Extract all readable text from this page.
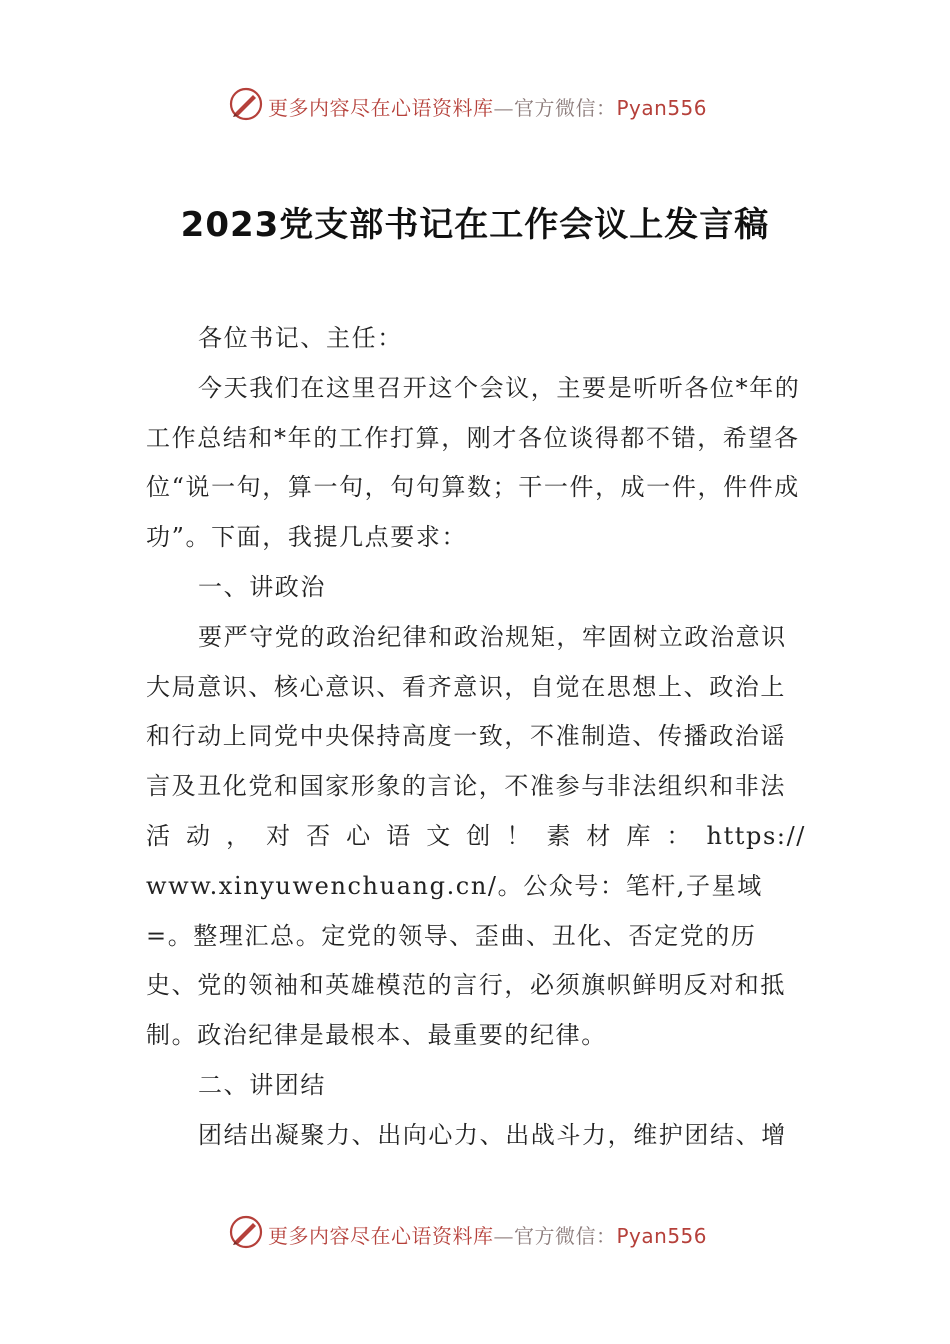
更多内容尽在心语资料库—官方微信：Pyan556
2023党支部书记在工作会议上发言稿

各位书记、主任：

今天我们在这里召开这个会议，主要是听听各位*年的工作总结和*年的工作打算，刚才各位谈得都不错，希望各位“说一句，算一句，句句算数；干一件，成一件，件件成功”。下面，我提几点要求：

一、讲政治

要严守党的政治纪律和政治规矩，牢固树立政治意识大局意识、核心意识、看齐意识，自觉在思想上、政治上和行动上同党中央保持高度一致，不准制造、传播政治谣言及丑化党和国家形象的言论，不准参与非法组织和非法

活动，对否心语文创！素材库：https://

www.xinyuwenchuang.cn/。公众号：笔杆,子星域=。整理汇总。定党的领导、歪曲、丑化、否定党的历史、党的领袖和英雄模范的言行，必须旗帜鲜明反对和抵制。政治纪律是最根本、最重要的纪律。

二、讲团结

团结出凝聚力、出向心力、出战斗力，维护团结、增

更多内容尽在心语资料库—官方微信：Pyan556
